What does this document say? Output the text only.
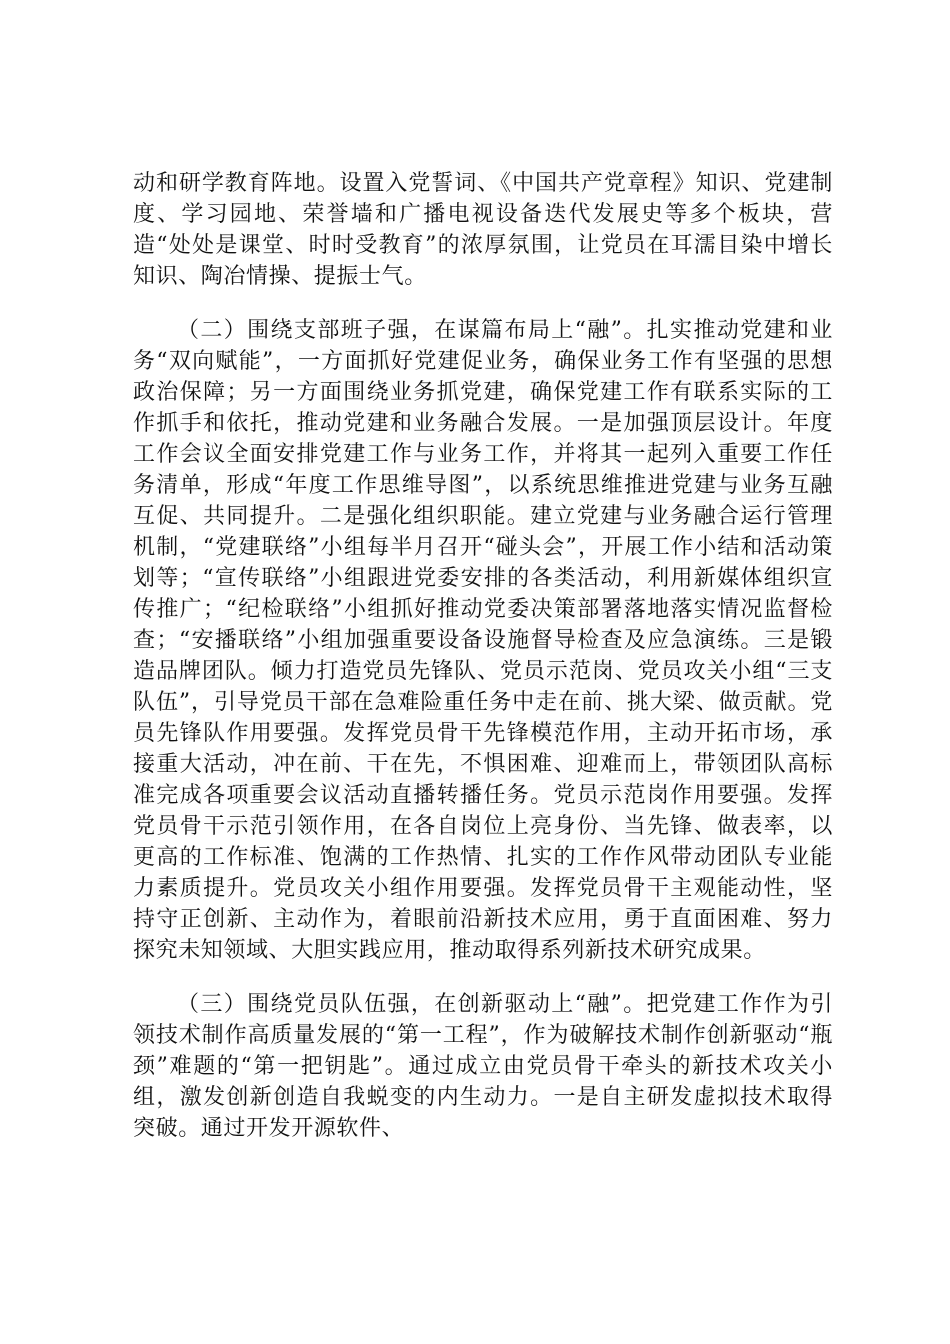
动和研学教育阵地。设置入党誓词、《中国共产党章程》知识、党建制度、学习园地、荣誉墙和广播电视设备迭代发展史等多个板块，营造“处处是课堂、时时受教育”的浓厚氛围，让党员在耳濡目染中增长知识、陶冶情操、提振士气。

（二）围绕支部班子强，在谋篇布局上“融”。扎实推动党建和业务“双向赋能”，一方面抓好党建促业务，确保业务工作有坚强的思想政治保障；另一方面围绕业务抓党建，确保党建工作有联系实际的工作抓手和依托，推动党建和业务融合发展。一是加强顶层设计。年度工作会议全面安排党建工作与业务工作，并将其一起列入重要工作任务清单，形成“年度工作思维导图”，以系统思维推进党建与业务互融互促、共同提升。二是强化组织职能。建立党建与业务融合运行管理机制，“党建联络”小组每半月召开“碰头会”，开展工作小结和活动策划等；“宣传联络”小组跟进党委安排的各类活动，利用新媒体组织宣传推广；“纪检联络”小组抓好推动党委决策部署落地落实情况监督检查；“安播联络”小组加强重要设备设施督导检查及应急演练。三是锻造品牌团队。倾力打造党员先锋队、党员示范岗、党员攻关小组“三支队伍”，引导党员干部在急难险重任务中走在前、挑大梁、做贡献。党员先锋队作用要强。发挥党员骨干先锋模范作用，主动开拓市场，承接重大活动，冲在前、干在先，不惧困难、迎难而上，带领团队高标准完成各项重要会议活动直播转播任务。党员示范岗作用要强。发挥党员骨干示范引领作用，在各自岗位上亮身份、当先锋、做表率，以更高的工作标准、饱满的工作热情、扎实的工作作风带动团队专业能力素质提升。党员攻关小组作用要强。发挥党员骨干主观能动性，坚持守正创新、主动作为，着眼前沿新技术应用，勇于直面困难、努力探究未知领域、大胆实践应用，推动取得系列新技术研究成果。

（三）围绕党员队伍强，在创新驱动上“融”。把党建工作作为引领技术制作高质量发展的“第一工程”，作为破解技术制作创新驱动“瓶颈”难题的“第一把钥匙”。通过成立由党员骨干牵头的新技术攻关小组，激发创新创造自我蜕变的内生动力。一是自主研发虚拟技术取得突破。通过开发开源软件、
